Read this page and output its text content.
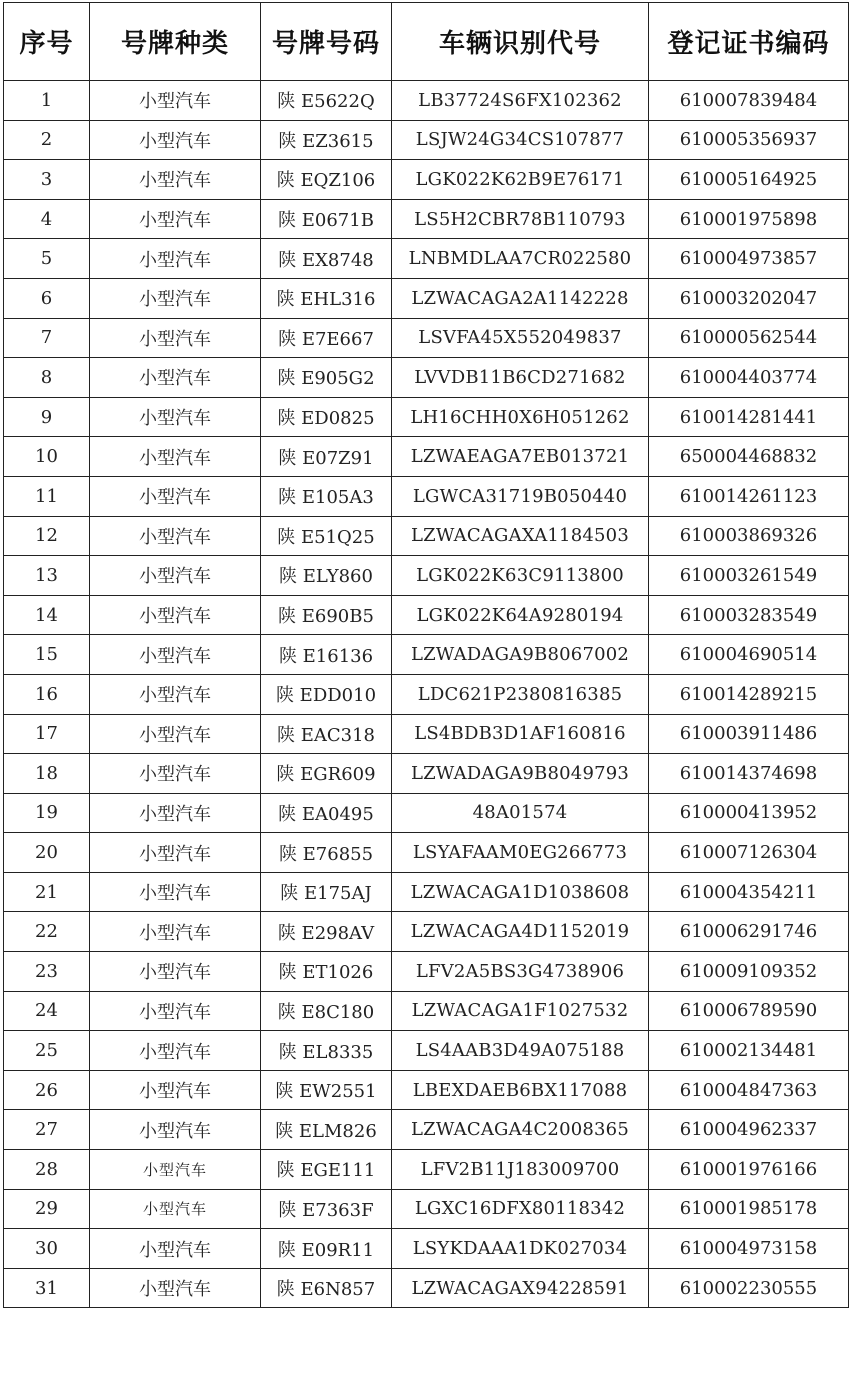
序号	号牌种类	号牌号码	车辆识别代号	登记证书编码
1	小型汽车	陕 E5622Q	LB37724S6FX102362	610007839484
2	小型汽车	陕 EZ3615	LSJW24G34CS107877	610005356937
3	小型汽车	陕 EQZ106	LGK022K62B9E76171	610005164925
4	小型汽车	陕 E0671B	LS5H2CBR78B110793	610001975898
5	小型汽车	陕 EX8748	LNBMDLAA7CR022580	610004973857
6	小型汽车	陕 EHL316	LZWACAGA2A1142228	610003202047
7	小型汽车	陕 E7E667	LSVFA45X552049837	610000562544
8	小型汽车	陕 E905G2	LVVDB11B6CD271682	610004403774
9	小型汽车	陕 ED0825	LH16CHH0X6H051262	610014281441
10	小型汽车	陕 E07Z91	LZWAEAGA7EB013721	650004468832
11	小型汽车	陕 E105A3	LGWCA31719B050440	610014261123
12	小型汽车	陕 E51Q25	LZWACAGAXA1184503	610003869326
13	小型汽车	陕 ELY860	LGK022K63C9113800	610003261549
14	小型汽车	陕 E690B5	LGK022K64A9280194	610003283549
15	小型汽车	陕 E16136	LZWADAGA9B8067002	610004690514
16	小型汽车	陕 EDD010	LDC621P2380816385	610014289215
17	小型汽车	陕 EAC318	LS4BDB3D1AF160816	610003911486
18	小型汽车	陕 EGR609	LZWADAGA9B8049793	610014374698
19	小型汽车	陕 EA0495	48A01574	610000413952
20	小型汽车	陕 E76855	LSYAFAAM0EG266773	610007126304
21	小型汽车	陕 E175AJ	LZWACAGA1D1038608	610004354211
22	小型汽车	陕 E298AV	LZWACAGA4D1152019	610006291746
23	小型汽车	陕 ET1026	LFV2A5BS3G4738906	610009109352
24	小型汽车	陕 E8C180	LZWACAGA1F1027532	610006789590
25	小型汽车	陕 EL8335	LS4AAB3D49A075188	610002134481
26	小型汽车	陕 EW2551	LBEXDAEB6BX117088	610004847363
27	小型汽车	陕 ELM826	LZWACAGA4C2008365	610004962337
28	小型汽车	陕 EGE111	LFV2B11J183009700	610001976166
29	小型汽车	陕 E7363F	LGXC16DFX80118342	610001985178
30	小型汽车	陕 E09R11	LSYKDAAA1DK027034	610004973158
31	小型汽车	陕 E6N857	LZWACAGAX94228591	610002230555
